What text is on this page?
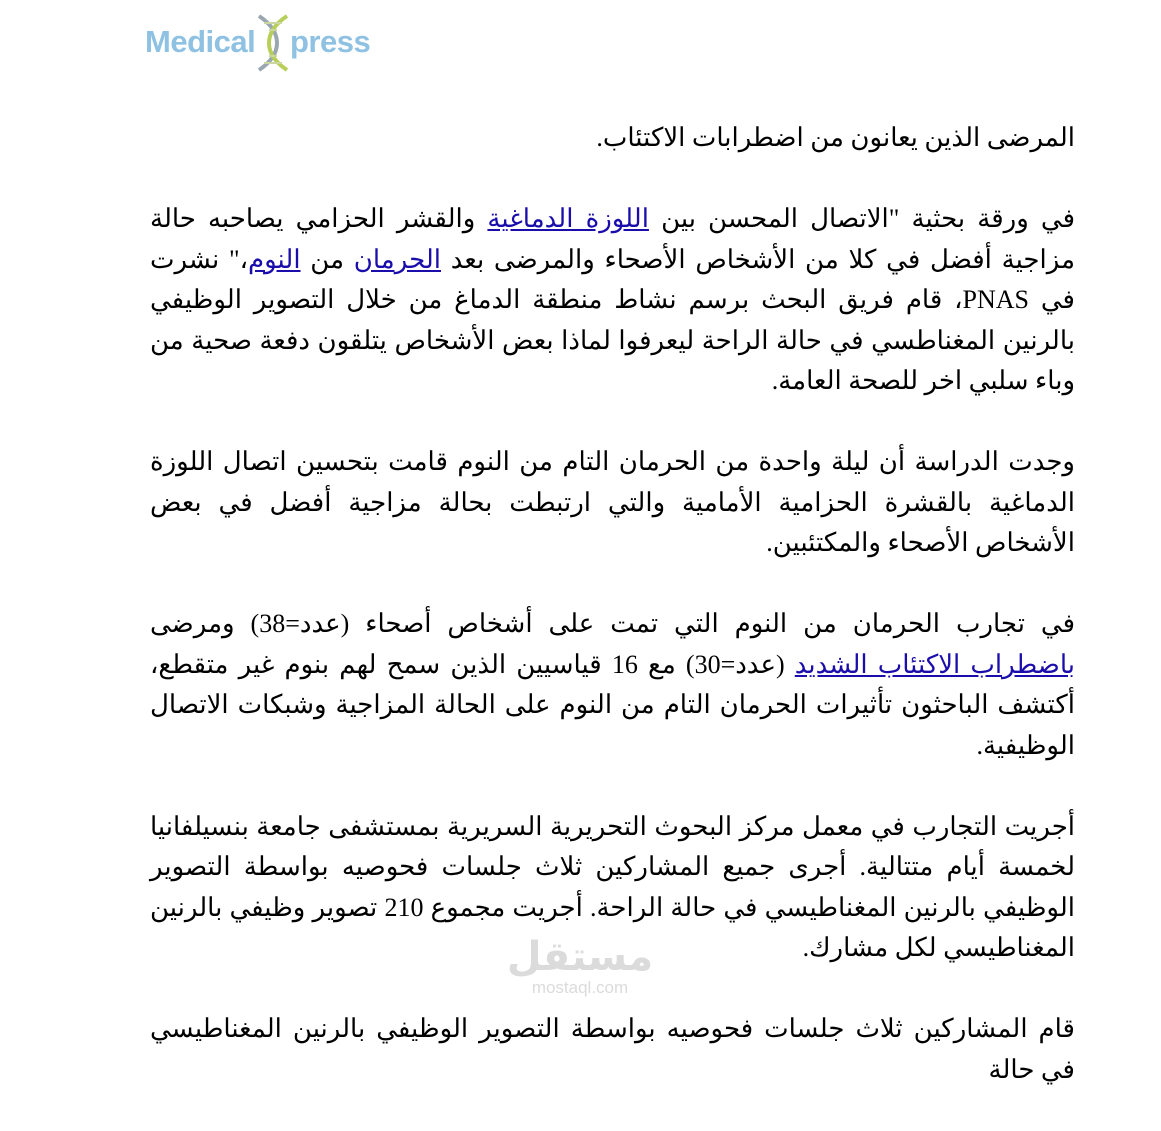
Medical press

المرضى الذين يعانون من اضطرابات الاكتئاب.

في ورقة بحثية "الاتصال المحسن بين اللوزة الدماغية والقشر الحزامي يصاحبه حالة مزاجية أفضل في كلا من الأشخاص الأصحاء والمرضى بعد الحرمان من النوم،" نشرت في PNAS، قام فريق البحث برسم نشاط منطقة الدماغ من خلال التصوير الوظيفي بالرنين المغناطسي في حالة الراحة ليعرفوا لماذا بعض الأشخاص يتلقون دفعة صحية من وباء سلبي اخر للصحة العامة.

وجدت الدراسة أن ليلة واحدة من الحرمان التام من النوم قامت بتحسين اتصال اللوزة الدماغية بالقشرة الحزامية الأمامية والتي ارتبطت بحالة مزاجية أفضل في بعض الأشخاص الأصحاء والمكتئبين.

في تجارب الحرمان من النوم التي تمت على أشخاص أصحاء (عدد=38) ومرضى باضطراب الاكتئاب الشديد (عدد=30) مع 16 قياسيين الذين سمح لهم بنوم غير متقطع، أكتشف الباحثون تأثيرات الحرمان التام من النوم على الحالة المزاجية وشبكات الاتصال الوظيفية.

أجريت التجارب في معمل مركز البحوث التحريرية السريرية بمستشفى جامعة بنسيلفانيا لخمسة أيام متتالية. أجرى جميع المشاركين ثلاث جلسات فحوصيه بواسطة التصوير الوظيفي بالرنين المغناطيسي في حالة الراحة. أجريت مجموع 210 تصوير وظيفي بالرنين المغناطيسي لكل مشارك.

قام المشاركين ثلاث جلسات فحوصيه بواسطة التصوير الوظيفي بالرنين المغناطيسي في حالة

مستقل
mostaql.com
